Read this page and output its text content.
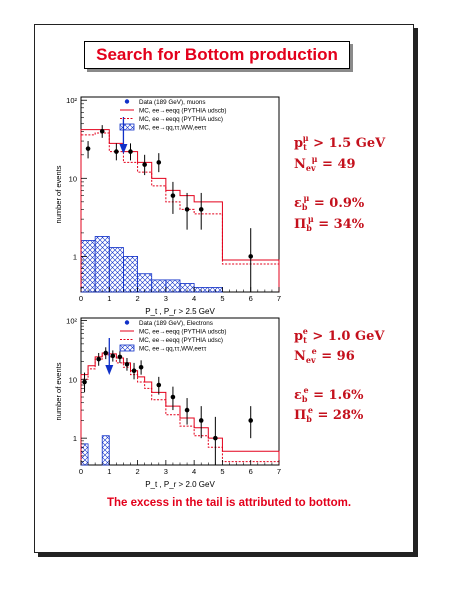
Search for Bottom production
0	1	2	3	4	5	6	7
1
10
10²
P_t , P_r > 2.5 GeV
number of events
Data (189 GeV), muons
MC, ee→eeqq (PYTHIA udscb)
MC, ee→eeqq (PYTHIA udsc)
MC, ee→qq,ττ,WW,eeττ
0	1	2	3	4	5	6	7
1
10
10²
P_t , P_r > 2.0 GeV
number of events
Data (189 GeV), Electrons
MC, ee→eeqq (PYTHIA udscb)
MC, ee→eeqq (PYTHIA udsc)
MC, ee→qq,ττ,WW,eeττ
$p_t^\mu > 1.5$ GeV
$N_{ev}^\mu = 49$
$\varepsilon_b^\mu = 0.9\%$
$\Pi_b^\mu = 34\%$
$p_t^e > 1.0$ GeV
$N_{ev}^e = 96$
$\varepsilon_b^e = 1.6\%$
$\Pi_b^e = 28\%$
The excess in the tail is attributed to bottom.
